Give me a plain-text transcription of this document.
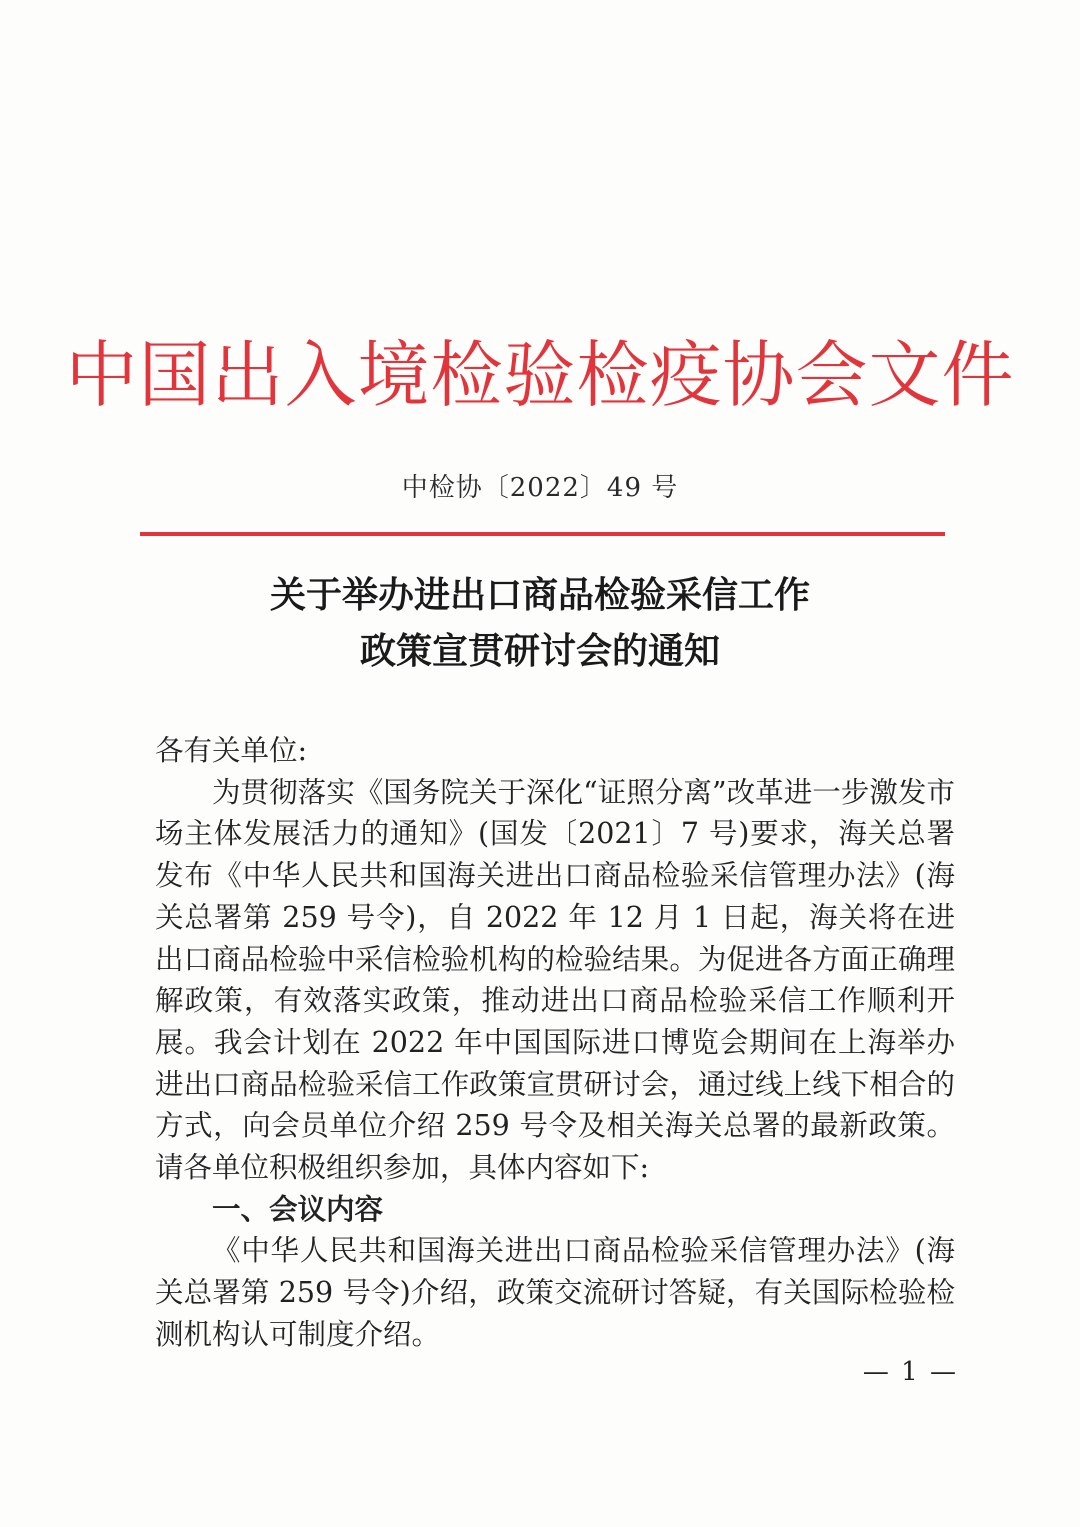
中国出入境检验检疫协会文件
中检协〔2022〕49 号
关于举办进出口商品检验采信工作
政策宣贯研讨会的通知

各有关单位:

为贯彻落实《国务院关于深化“证照分离”改革进一步激发市场主体发展活力的通知》(国发〔2021〕7 号)要求，海关总署发布《中华人民共和国海关进出口商品检验采信管理办法》(海关总署第 259 号令)，自 2022 年 12 月 1 日起，海关将在进出口商品检验中采信检验机构的检验结果。为促进各方面正确理解政策，有效落实政策，推动进出口商品检验采信工作顺利开展。我会计划在 2022 年中国国际进口博览会期间在上海举办进出口商品检验采信工作政策宣贯研讨会，通过线上线下相合的方式，向会员单位介绍 259 号令及相关海关总署的最新政策。请各单位积极组织参加，具体内容如下:

一、会议内容

《中华人民共和国海关进出口商品检验采信管理办法》(海关总署第 259 号令)介绍，政策交流研讨答疑，有关国际检验检测机构认可制度介绍。

— 1 —
